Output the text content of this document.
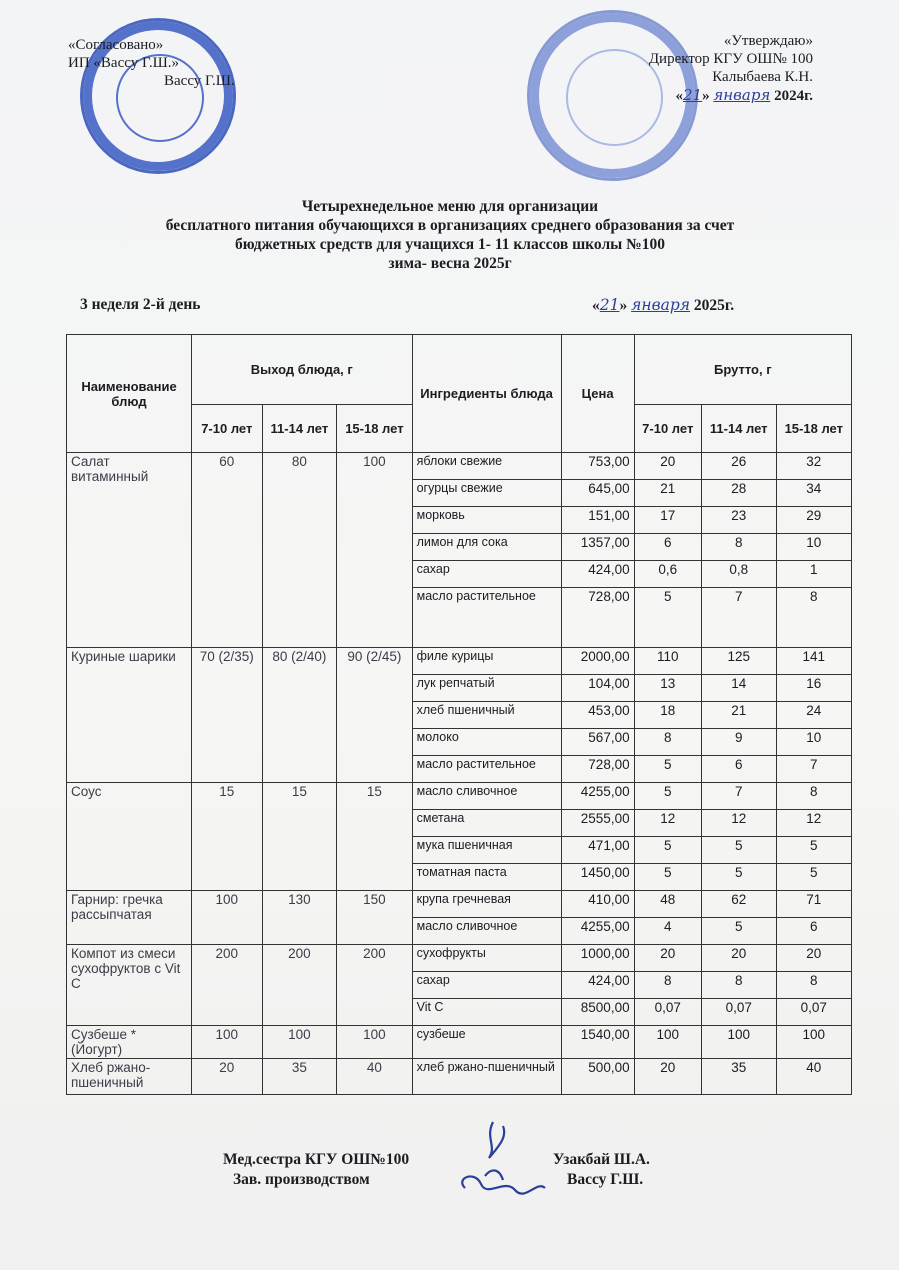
«Согласовано»
ИП «Вассу Г.Ш.»
Вассу Г.Ш.
«Утверждаю»
Директор КГУ ОШ№ 100
Калыбаева К.Н.
«21» января 2024г.
Четырехнедельное меню для организации
бесплатного питания обучающихся в организациях среднего образования за счет
бюджетных средств для учащихся 1- 11 классов школы №100
зима- весна 2025г
3 неделя 2-й день	«21» января 2025г.
Наименование блюд	Выход блюда, г			Ингредиенты блюда	Цена	Брутто, г		
	7-10 лет	11-14 лет	15-18 лет			7-10 лет	11-14 лет	15-18 лет
Салат витаминный	60	80	100	яблоки свежие	753,00	20	26	32
				огурцы свежие	645,00	21	28	34
				морковь	151,00	17	23	29
				лимон для сока	1357,00	6	8	10
				сахар	424,00	0,6	0,8	1
				масло растительное	728,00	5	7	8
Куриные шарики	70 (2/35)	80 (2/40)	90 (2/45)	филе курицы	2000,00	110	125	141
				лук репчатый	104,00	13	14	16
				хлеб пшеничный	453,00	18	21	24
				молоко	567,00	8	9	10
				масло растительное	728,00	5	6	7
Соус	15	15	15	масло сливочное	4255,00	5	7	8
				сметана	2555,00	12	12	12
				мука пшеничная	471,00	5	5	5
				томатная паста	1450,00	5	5	5
Гарнир: гречка рассыпчатая	100	130	150	крупа гречневая	410,00	48	62	71
				масло сливочное	4255,00	4	5	6
Компот из смеси сухофруктов с Vit C	200	200	200	сухофрукты	1000,00	20	20	20
				сахар	424,00	8	8	8
				Vit C	8500,00	0,07	0,07	0,07
Сузбеше *(Йогурт)	100	100	100	сузбеше	1540,00	100	100	100
Хлеб ржано-пшеничный	20	35	40	хлеб ржано-пшеничный	500,00	20	35	40
Мед.сестра КГУ ОШ№100
Зав. производством
Узакбай Ш.А.
Вассу Г.Ш.
